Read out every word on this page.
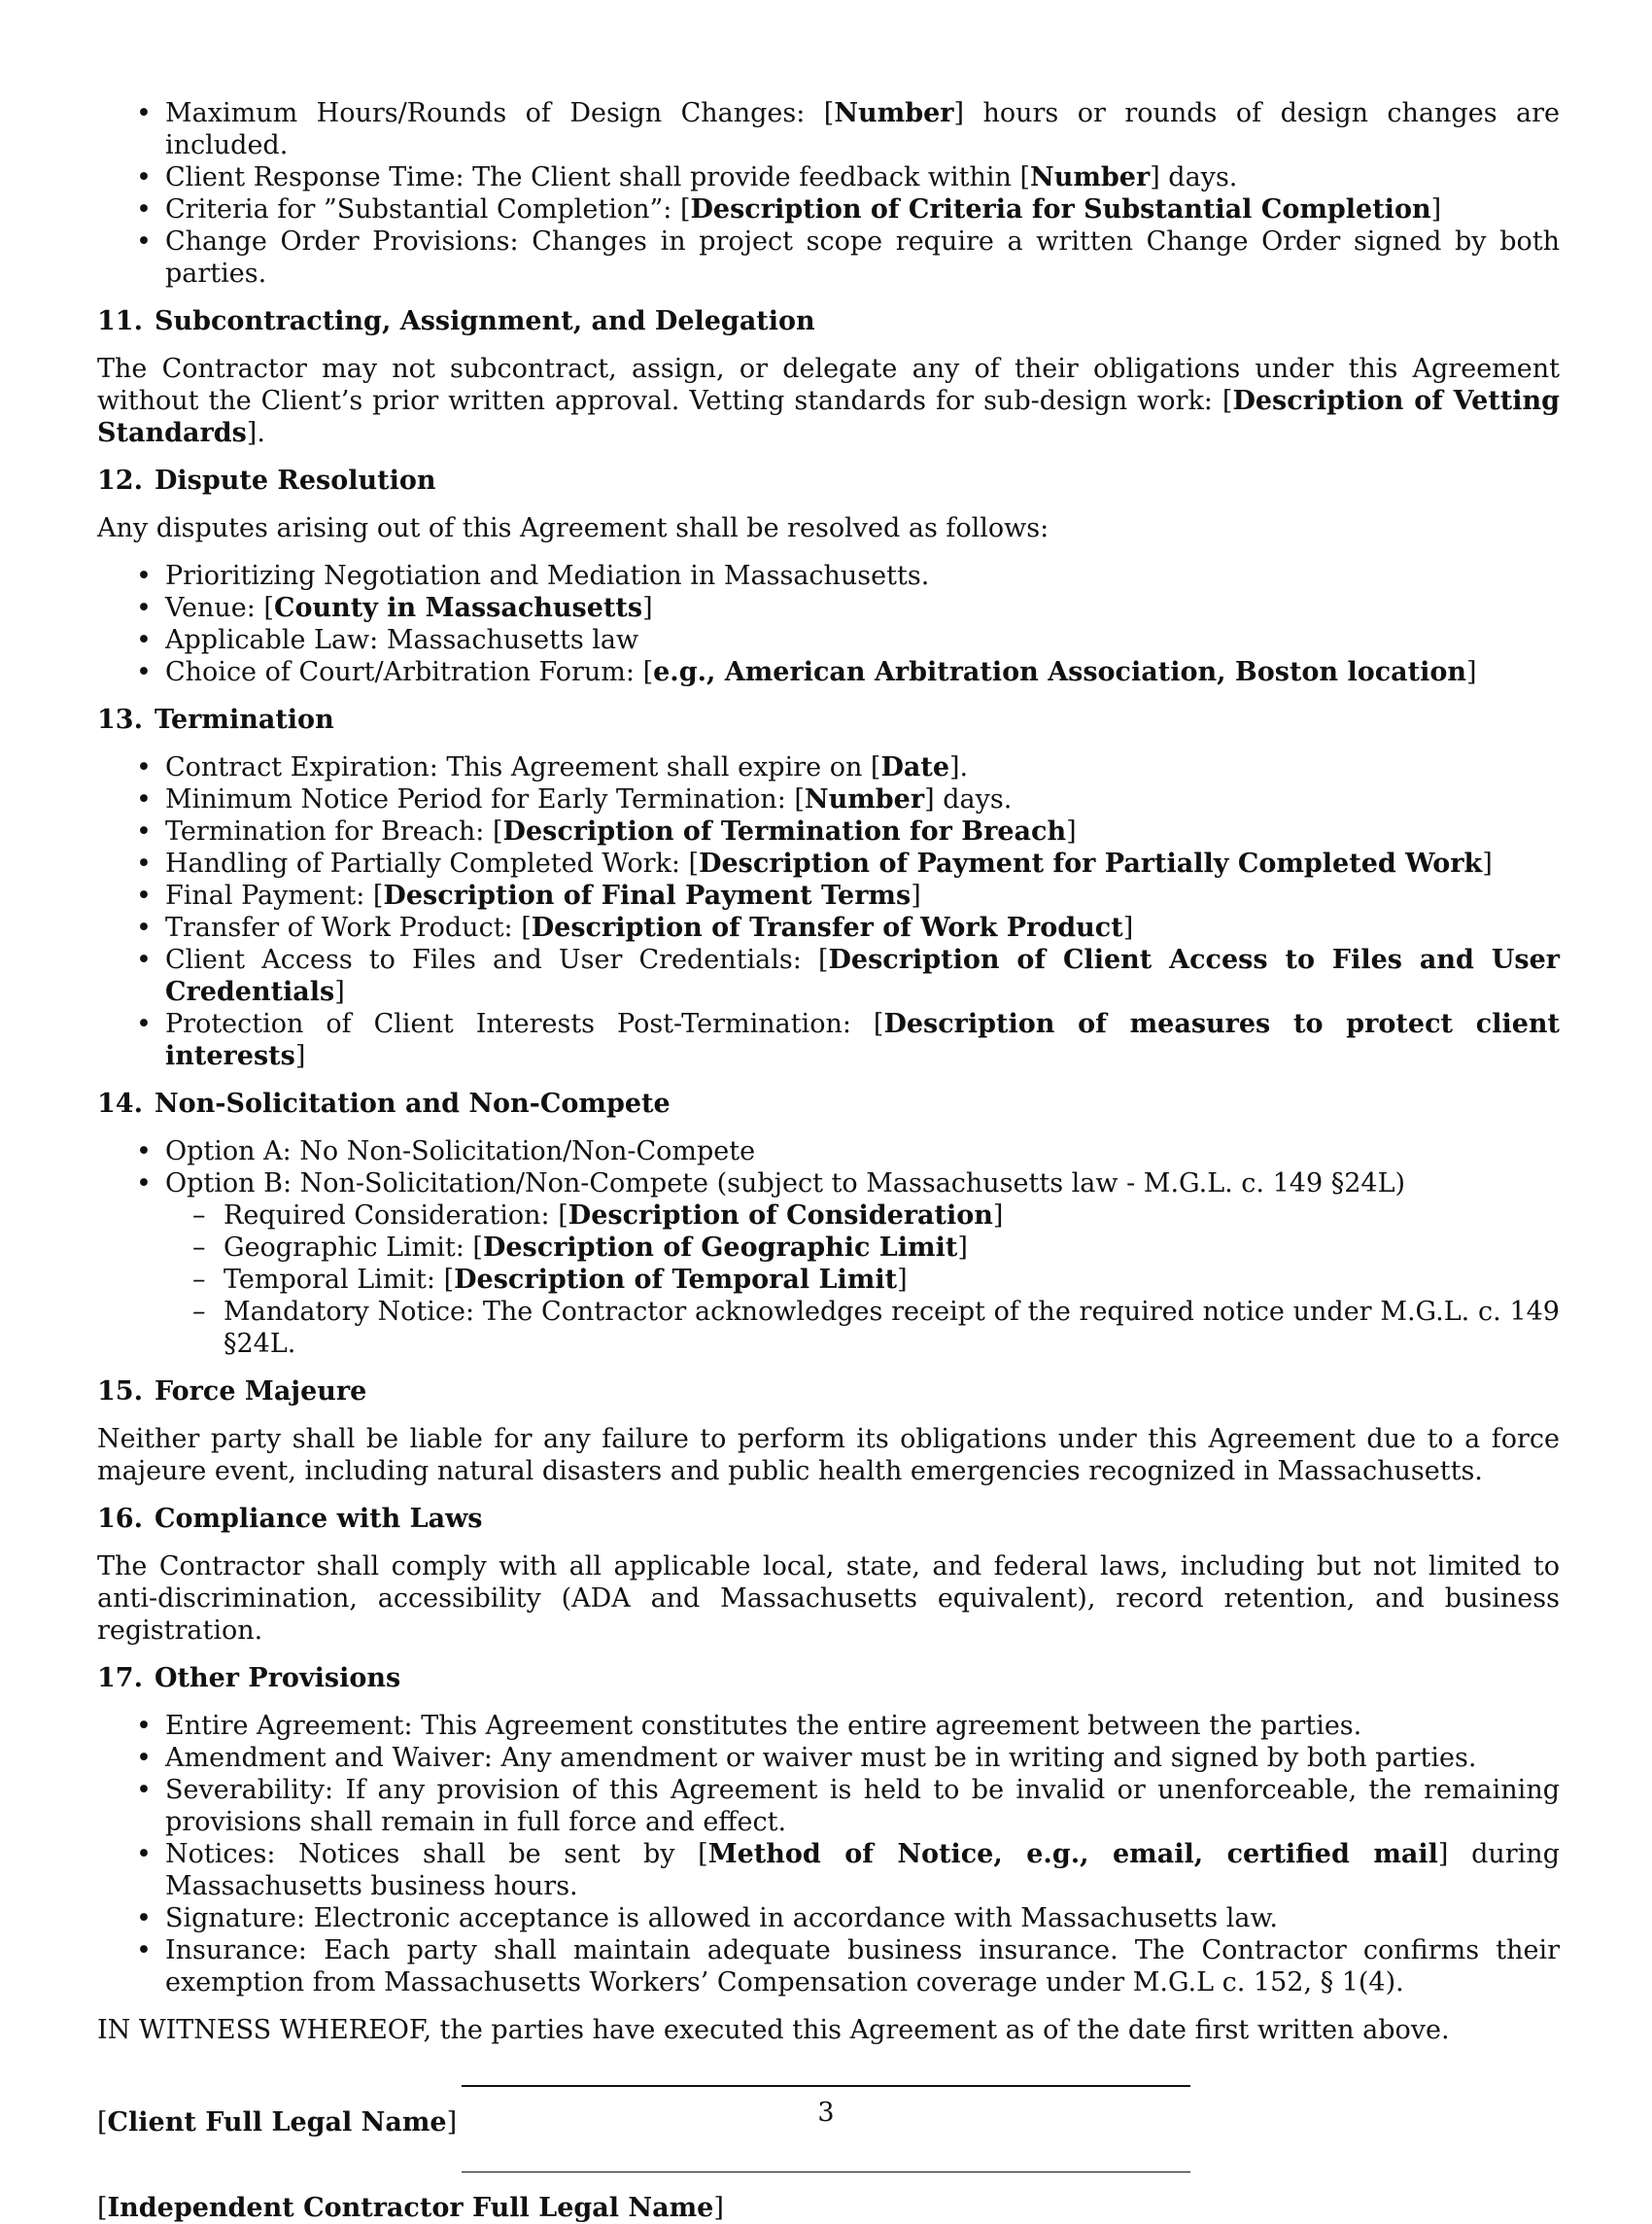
• Maximum Hours/Rounds of Design Changes: [Number] hours or rounds of design changes are included.
• Client Response Time: The Client shall provide feedback within [Number] days.
• Criteria for ”Substantial Completion”: [Description of Criteria for Substantial Completion]
• Change Order Provisions: Changes in project scope require a written Change Order signed by both parties.
11. Subcontracting, Assignment, and Delegation

The Contractor may not subcontract, assign, or delegate any of their obligations under this Agreement without the Client’s prior written approval. Vetting standards for sub-design work: [Description of Vetting Standards].

12. Dispute Resolution

Any disputes arising out of this Agreement shall be resolved as follows:

• Prioritizing Negotiation and Mediation in Massachusetts.
• Venue: [County in Massachusetts]
• Applicable Law: Massachusetts law
• Choice of Court/Arbitration Forum: [e.g., American Arbitration Association, Boston location]
13. Termination
• Contract Expiration: This Agreement shall expire on [Date].
• Minimum Notice Period for Early Termination: [Number] days.
• Termination for Breach: [Description of Termination for Breach]
• Handling of Partially Completed Work: [Description of Payment for Partially Completed Work]
• Final Payment: [Description of Final Payment Terms]
• Transfer of Work Product: [Description of Transfer of Work Product]
• Client Access to Files and User Credentials: [Description of Client Access to Files and User Credentials]
• Protection of Client Interests Post-Termination: [Description of measures to protect client interests]
14. Non-Solicitation and Non-Compete
• Option A: No Non-Solicitation/Non-Compete
• Option B: Non-Solicitation/Non-Compete (subject to Massachusetts law - M.G.L. c. 149 §24L)
– Required Consideration: [Description of Consideration]
– Geographic Limit: [Description of Geographic Limit]
– Temporal Limit: [Description of Temporal Limit]
– Mandatory Notice: The Contractor acknowledges receipt of the required notice under M.G.L. c. 149 §24L.
15. Force Majeure

Neither party shall be liable for any failure to perform its obligations under this Agreement due to a force majeure event, including natural disasters and public health emergencies recognized in Massachusetts.

16. Compliance with Laws

The Contractor shall comply with all applicable local, state, and federal laws, including but not limited to anti-discrimination, accessibility (ADA and Massachusetts equivalent), record retention, and business registration.

17. Other Provisions
• Entire Agreement: This Agreement constitutes the entire agreement between the parties.
• Amendment and Waiver: Any amendment or waiver must be in writing and signed by both parties.
• Severability: If any provision of this Agreement is held to be invalid or unenforceable, the remaining provisions shall remain in full force and effect.
• Notices: Notices shall be sent by [Method of Notice, e.g., email, certified mail] during Massachusetts business hours.
• Signature: Electronic acceptance is allowed in accordance with Massachusetts law.
• Insurance: Each party shall maintain adequate business insurance. The Contractor confirms their exemption from Massachusetts Workers’ Compensation coverage under M.G.L c. 152, § 1(4).

IN WITNESS WHEREOF, the parties have executed this Agreement as of the date first written above.

[Client Full Legal Name]
[Independent Contractor Full Legal Name]
3
